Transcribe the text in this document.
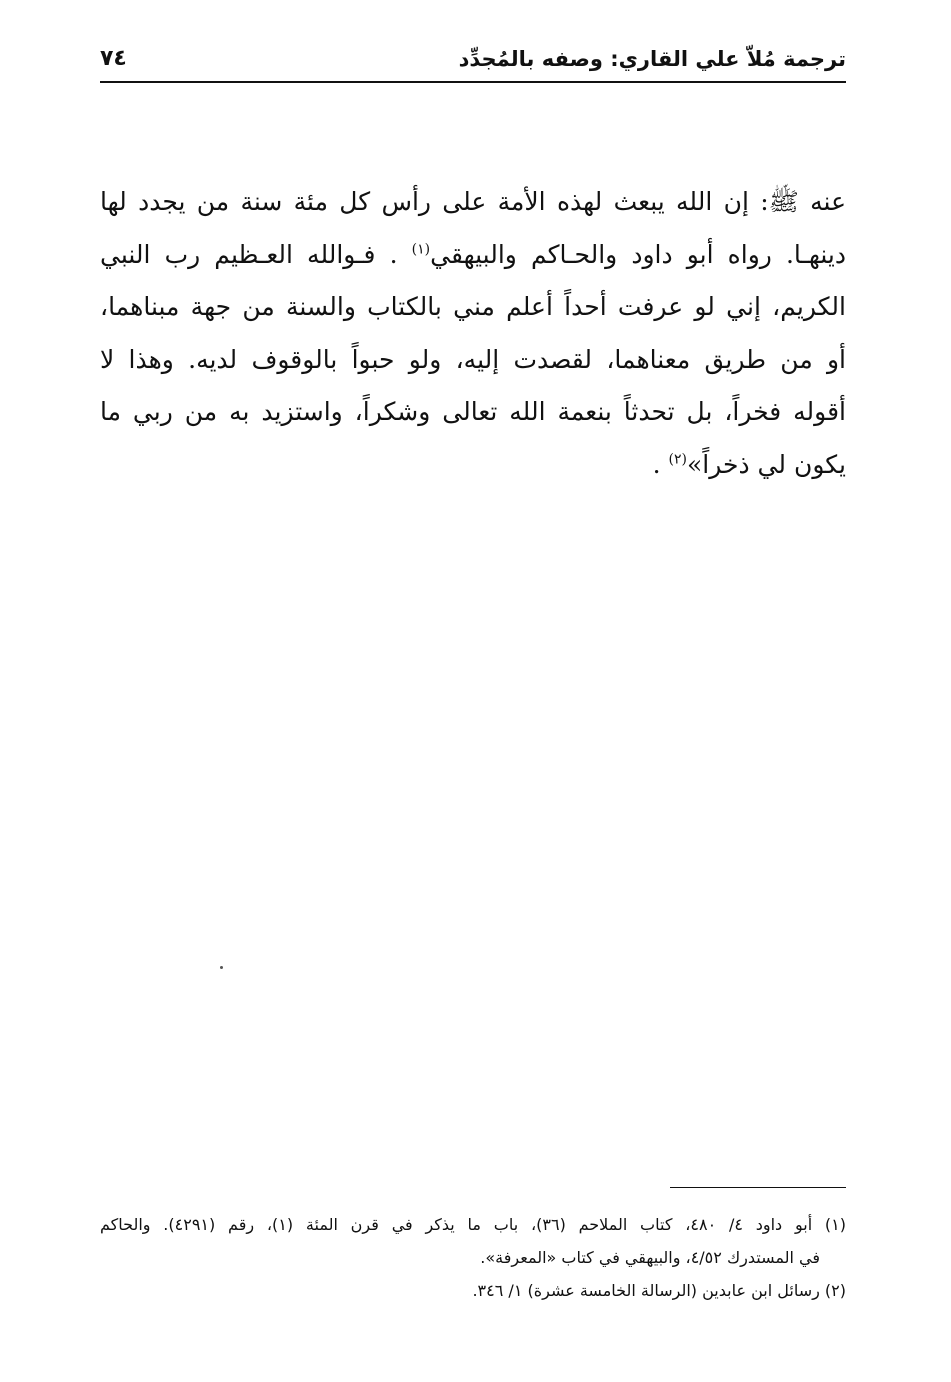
ترجمة مُلاّ علي القاري: وصفه بالمُجدِّد
٧٤
عنه ﷺ: إن الله يبعث لهذه الأمة على رأس كل مئة سنة من يجدد لها
دينهـا. رواه أبو داود والحـاكم والبيهقي$^{(١)}$ . فـوالله العـظيم رب النبي
الكريم، إني لو عرفت أحداً أعلم مني بالكتاب والسنة من جهة مبناهما،
أو من طريق معناهما، لقصدت إليه، ولو حبواً بالوقوف لديه. وهذا لا
أقوله فخراً، بل تحدثاً بنعمة الله تعالى وشكراً، واستزيد به من ربي ما
يكون لي ذخراً»$^{(٢)}$ .
(١) أبو داود ٤/ ٤٨٠، كتاب الملاحم (٣٦)، باب ما يذكر في قرن المئة (١)، رقم (٤٢٩١). والحاكم
في المستدرك ٤/٥٢، والبيهقي في كتاب «المعرفة».
(٢) رسائل ابن عابدين (الرسالة الخامسة عشرة) ١/ ٣٤٦.
